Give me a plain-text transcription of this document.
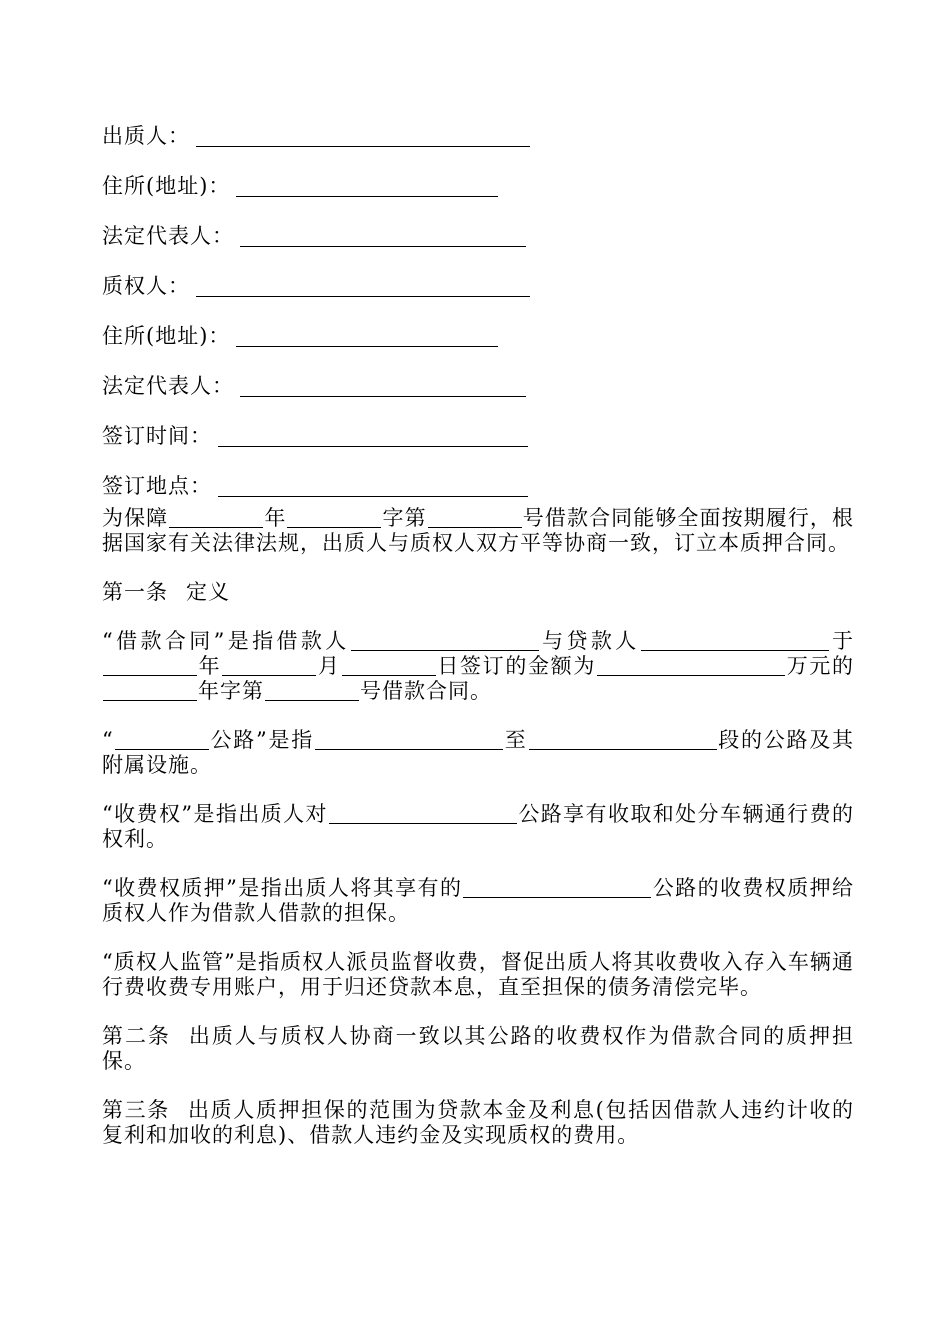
出质人：
住所(地址)：
法定代表人：
质权人：
住所(地址)：
法定代表人：
签订时间：
签订地点：

为保障	年	字第	号借款合同能够全面按期履行，根据国家有关法律法规，出质人与质权人双方平等协商一致，订立本质押合同。

第一条 定义

“借款合同”是指借款人	与贷款人	于年	月	日签订的金额为	万元的年字第	号借款合同。

“	公路”是指	至	段的公路及其附属设施。

“收费权”是指出质人对	公路享有收取和处分车辆通行费的权利。

“收费权质押”是指出质人将其享有的	公路的收费权质押给质权人作为借款人借款的担保。

“质权人监管”是指质权人派员监督收费，督促出质人将其收费收入存入车辆通行费收费专用账户，用于归还贷款本息，直至担保的债务清偿完毕。

第二条 出质人与质权人协商一致以其公路的收费权作为借款合同的质押担保。

第三条 出质人质押担保的范围为贷款本金及利息(包括因借款人违约计收的复利和加收的利息)、借款人违约金及实现质权的费用。
